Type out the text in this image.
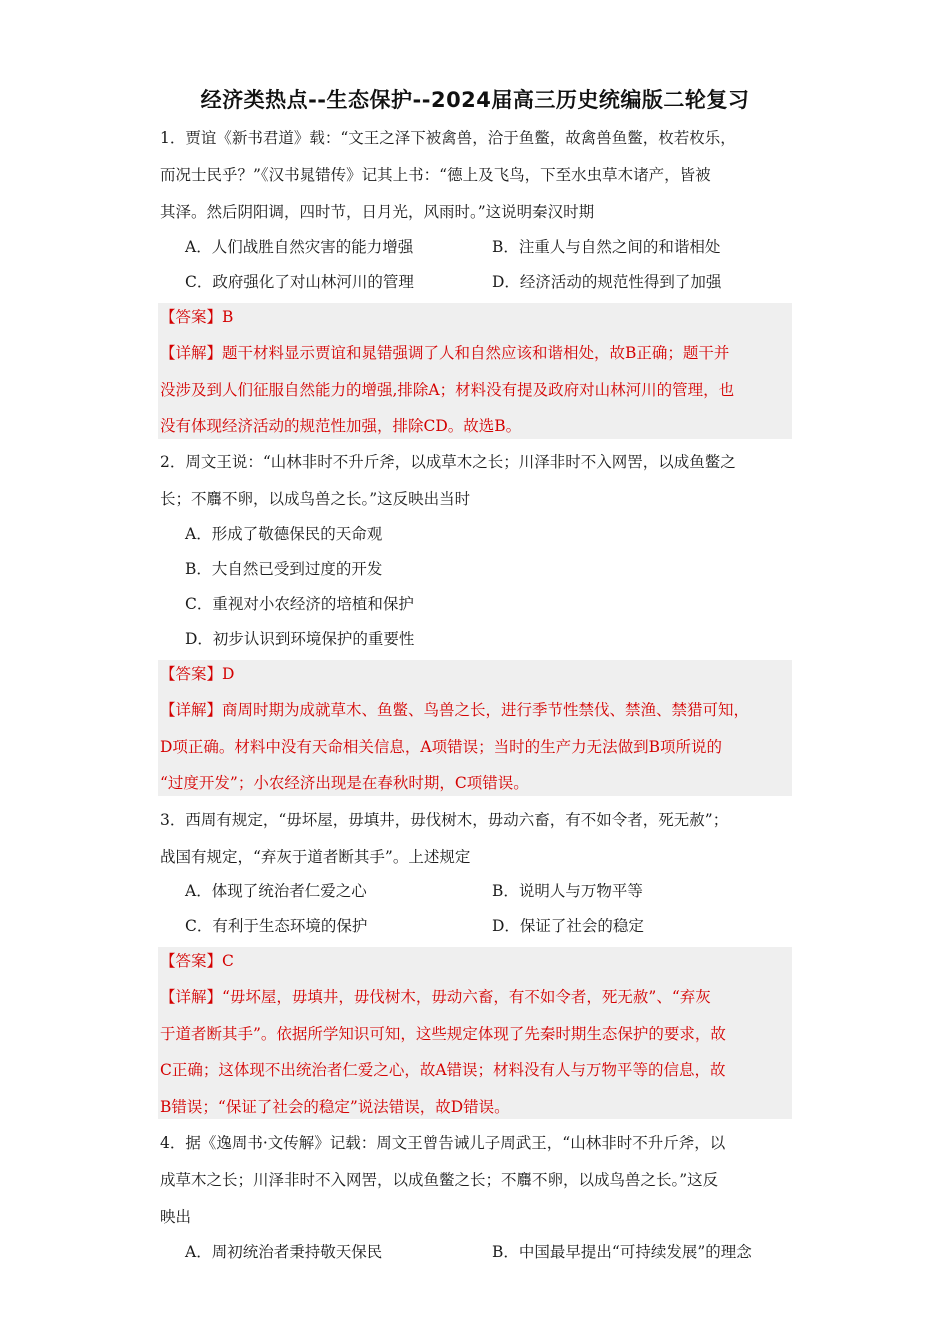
经济类热点--生态保护--2024届高三历史统编版二轮复习
1．贾谊《新书君道》载：“文王之泽下被禽兽，洽于鱼鳖，故禽兽鱼鳖，枚若枚乐，
而况士民乎？”《汉书晁错传》记其上书：“德上及飞鸟，下至水虫草木诸产，皆被
其泽。然后阴阳调，四时节，日月光，风雨时。”这说明秦汉时期
A．人们战胜自然灾害的能力增强	B．注重人与自然之间的和谐相处
C．政府强化了对山林河川的管理	D．经济活动的规范性得到了加强
【答案】B
【详解】题干材料显示贾谊和晁错强调了人和自然应该和谐相处，故B正确；题干并
没涉及到人们征服自然能力的增强,排除A；材料没有提及政府对山林河川的管理，也
没有体现经济活动的规范性加强，排除CD。故选B。
2．周文王说：“山林非时不升斤斧，以成草木之长；川泽非时不入网罟，以成鱼鳖之
长；不麛不卵，以成鸟兽之长。”这反映出当时
A．形成了敬德保民的天命观
B．大自然已受到过度的开发
C．重视对小农经济的培植和保护
D．初步认识到环境保护的重要性
【答案】D
【详解】商周时期为成就草木、鱼鳖、鸟兽之长，进行季节性禁伐、禁渔、禁猎可知，
D项正确。材料中没有天命相关信息，A项错误；当时的生产力无法做到B项所说的
“过度开发”；小农经济出现是在春秋时期，C项错误。
3．西周有规定，“毋坏屋，毋填井，毋伐树木，毋动六畜，有不如令者，死无赦”；
战国有规定，“弃灰于道者断其手”。上述规定
A．体现了统治者仁爱之心	B．说明人与万物平等
C．有利于生态环境的保护	D．保证了社会的稳定
【答案】C
【详解】“毋坏屋，毋填井，毋伐树木，毋动六畜，有不如令者，死无赦”、“弃灰
于道者断其手”。依据所学知识可知，这些规定体现了先秦时期生态保护的要求，故
C正确；这体现不出统治者仁爱之心，故A错误；材料没有人与万物平等的信息，故
B错误；“保证了社会的稳定”说法错误，故D错误。
4．据《逸周书·文传解》记载：周文王曾告诫儿子周武王，“山林非时不升斤斧，以
成草木之长；川泽非时不入网罟，以成鱼鳖之长；不麛不卵，以成鸟兽之长。”这反
映出
A．周初统治者秉持敬天保民	B．中国最早提出“可持续发展”的理念
